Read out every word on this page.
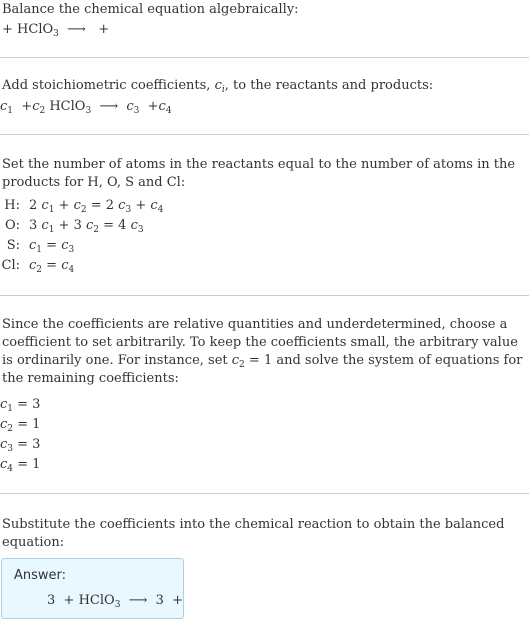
Balance the chemical equation algebraically:
+ HClO$_3$ ⟶ +
Add stoichiometric coefficients, $c_i$, to the reactants and products:
$c_1 +c_2$ HClO$_3$ ⟶ $c_3 +c_4$
Set the number of atoms in the reactants equal to the number of atoms in the products for H, O, S and Cl:
H: 2 $c_1 + c_2 = 2$ $c_3 + c_4$
O: 3 $c_1 + 3$ $c_2 = 4$ $c_3$
S: $c_1 = c_3$
Cl: $c_2 = c_4$
Since the coefficients are relative quantities and underdetermined, choose a coefficient to set arbitrarily. To keep the coefficients small, the arbitrary value is ordinarily one. For instance, set $c_2 = 1$ and solve the system of equations for the remaining coefficients:
$c_1 = 3$
$c_2 = 1$
$c_3 = 3$
$c_4 = 1$
Substitute the coefficients into the chemical reaction to obtain the balanced equation:
Answer:
3 + HClO$_3$ ⟶ 3 +
